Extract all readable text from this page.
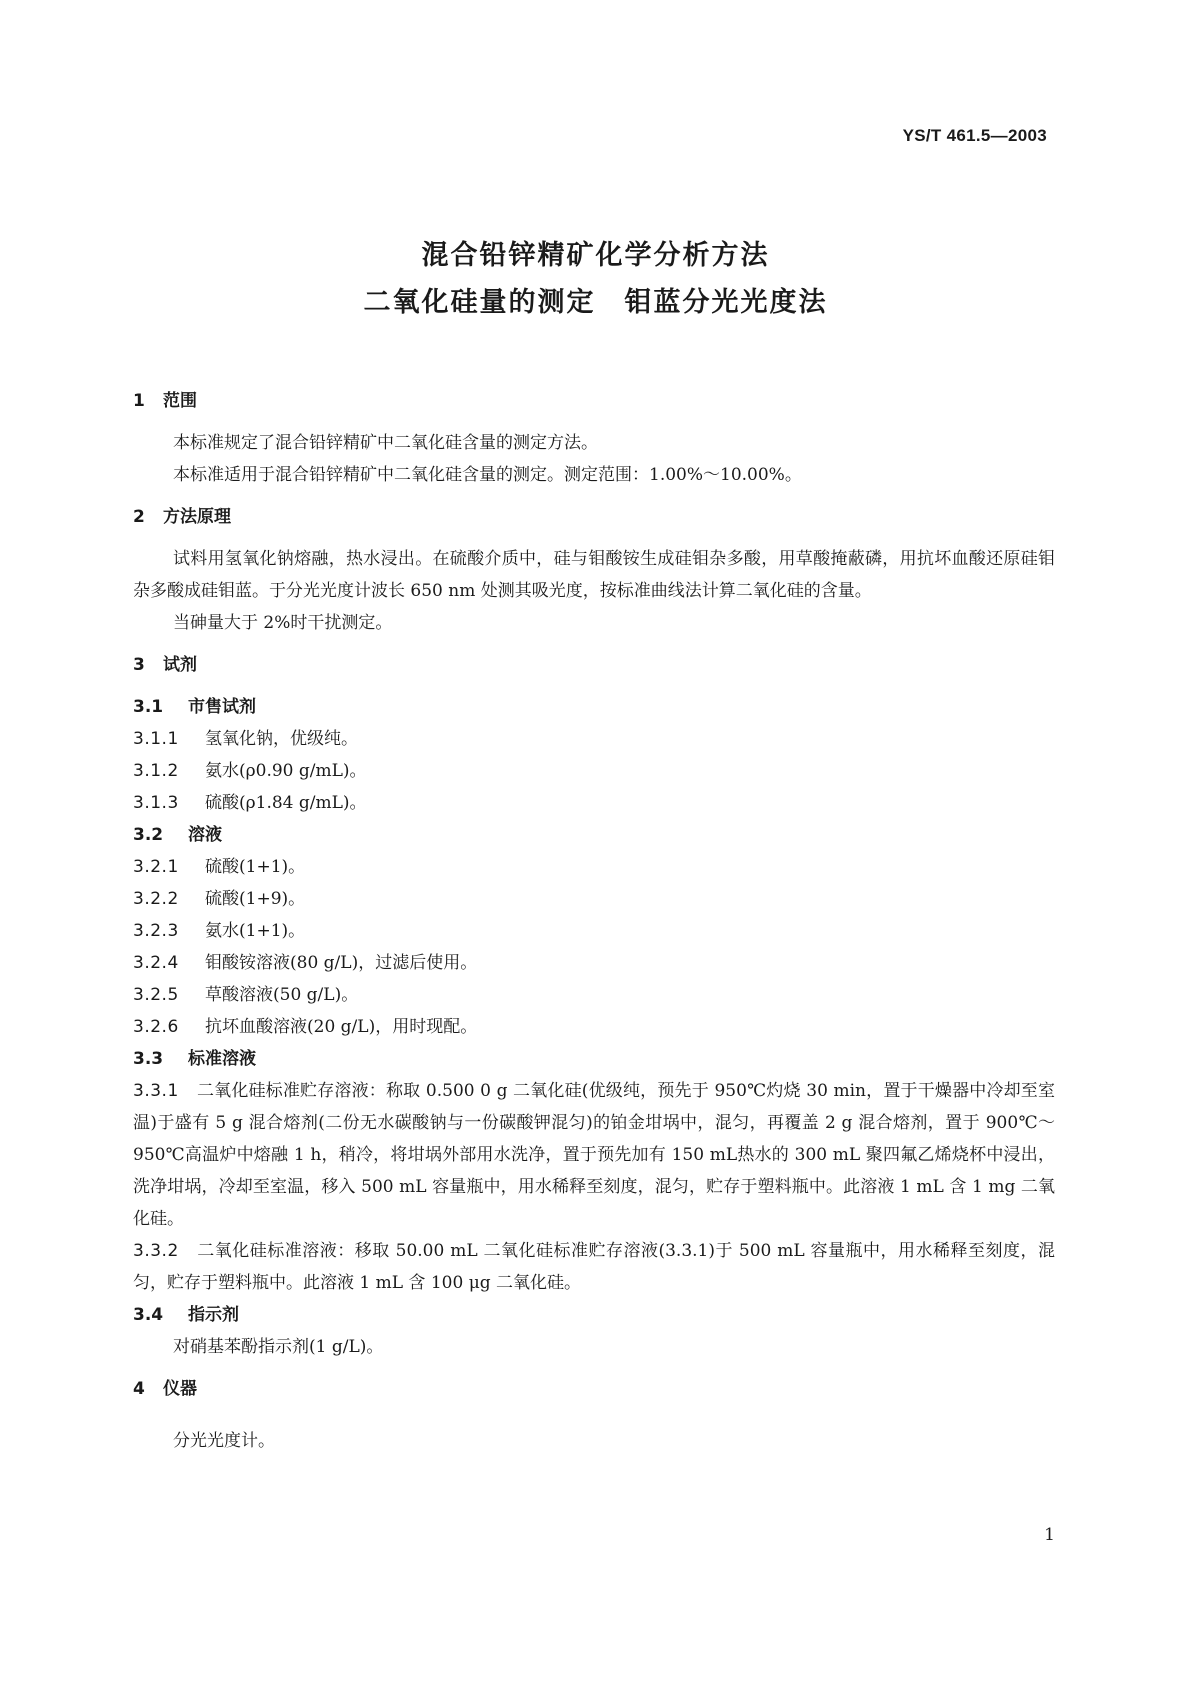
YS/T 461.5—2003
混合铅锌精矿化学分析方法
二氧化硅量的测定　钼蓝分光光度法
1 范围
本标准规定了混合铅锌精矿中二氧化硅含量的测定方法。
本标准适用于混合铅锌精矿中二氧化硅含量的测定。测定范围：1.00%～10.00%。
2 方法原理
试料用氢氧化钠熔融，热水浸出。在硫酸介质中，硅与钼酸铵生成硅钼杂多酸，用草酸掩蔽磷，用抗坏血酸还原硅钼杂多酸成硅钼蓝。于分光光度计波长 650 nm 处测其吸光度，按标准曲线法计算二氧化硅的含量。
当砷量大于 2%时干扰测定。
3 试剂
3.1 市售试剂
3.1.1 氢氧化钠，优级纯。
3.1.2 氨水(ρ0.90 g/mL)。
3.1.3 硫酸(ρ1.84 g/mL)。
3.2 溶液
3.2.1 硫酸(1+1)。
3.2.2 硫酸(1+9)。
3.2.3 氨水(1+1)。
3.2.4 钼酸铵溶液(80 g/L)，过滤后使用。
3.2.5 草酸溶液(50 g/L)。
3.2.6 抗坏血酸溶液(20 g/L)，用时现配。
3.3 标准溶液
3.3.1 二氧化硅标准贮存溶液：称取 0.500 0 g 二氧化硅(优级纯，预先于 950℃灼烧 30 min，置于干燥器中冷却至室温)于盛有 5 g 混合熔剂(二份无水碳酸钠与一份碳酸钾混匀)的铂金坩埚中，混匀，再覆盖 2 g 混合熔剂，置于 900℃～950℃高温炉中熔融 1 h，稍冷，将坩埚外部用水洗净，置于预先加有 150 mL热水的 300 mL 聚四氟乙烯烧杯中浸出，洗净坩埚，冷却至室温，移入 500 mL 容量瓶中，用水稀释至刻度，混匀，贮存于塑料瓶中。此溶液 1 mL 含 1 mg 二氧化硅。
3.3.2 二氧化硅标准溶液：移取 50.00 mL 二氧化硅标准贮存溶液(3.3.1)于 500 mL 容量瓶中，用水稀释至刻度，混匀，贮存于塑料瓶中。此溶液 1 mL 含 100 μg 二氧化硅。
3.4 指示剂
对硝基苯酚指示剂(1 g/L)。
4 仪器
分光光度计。
1
